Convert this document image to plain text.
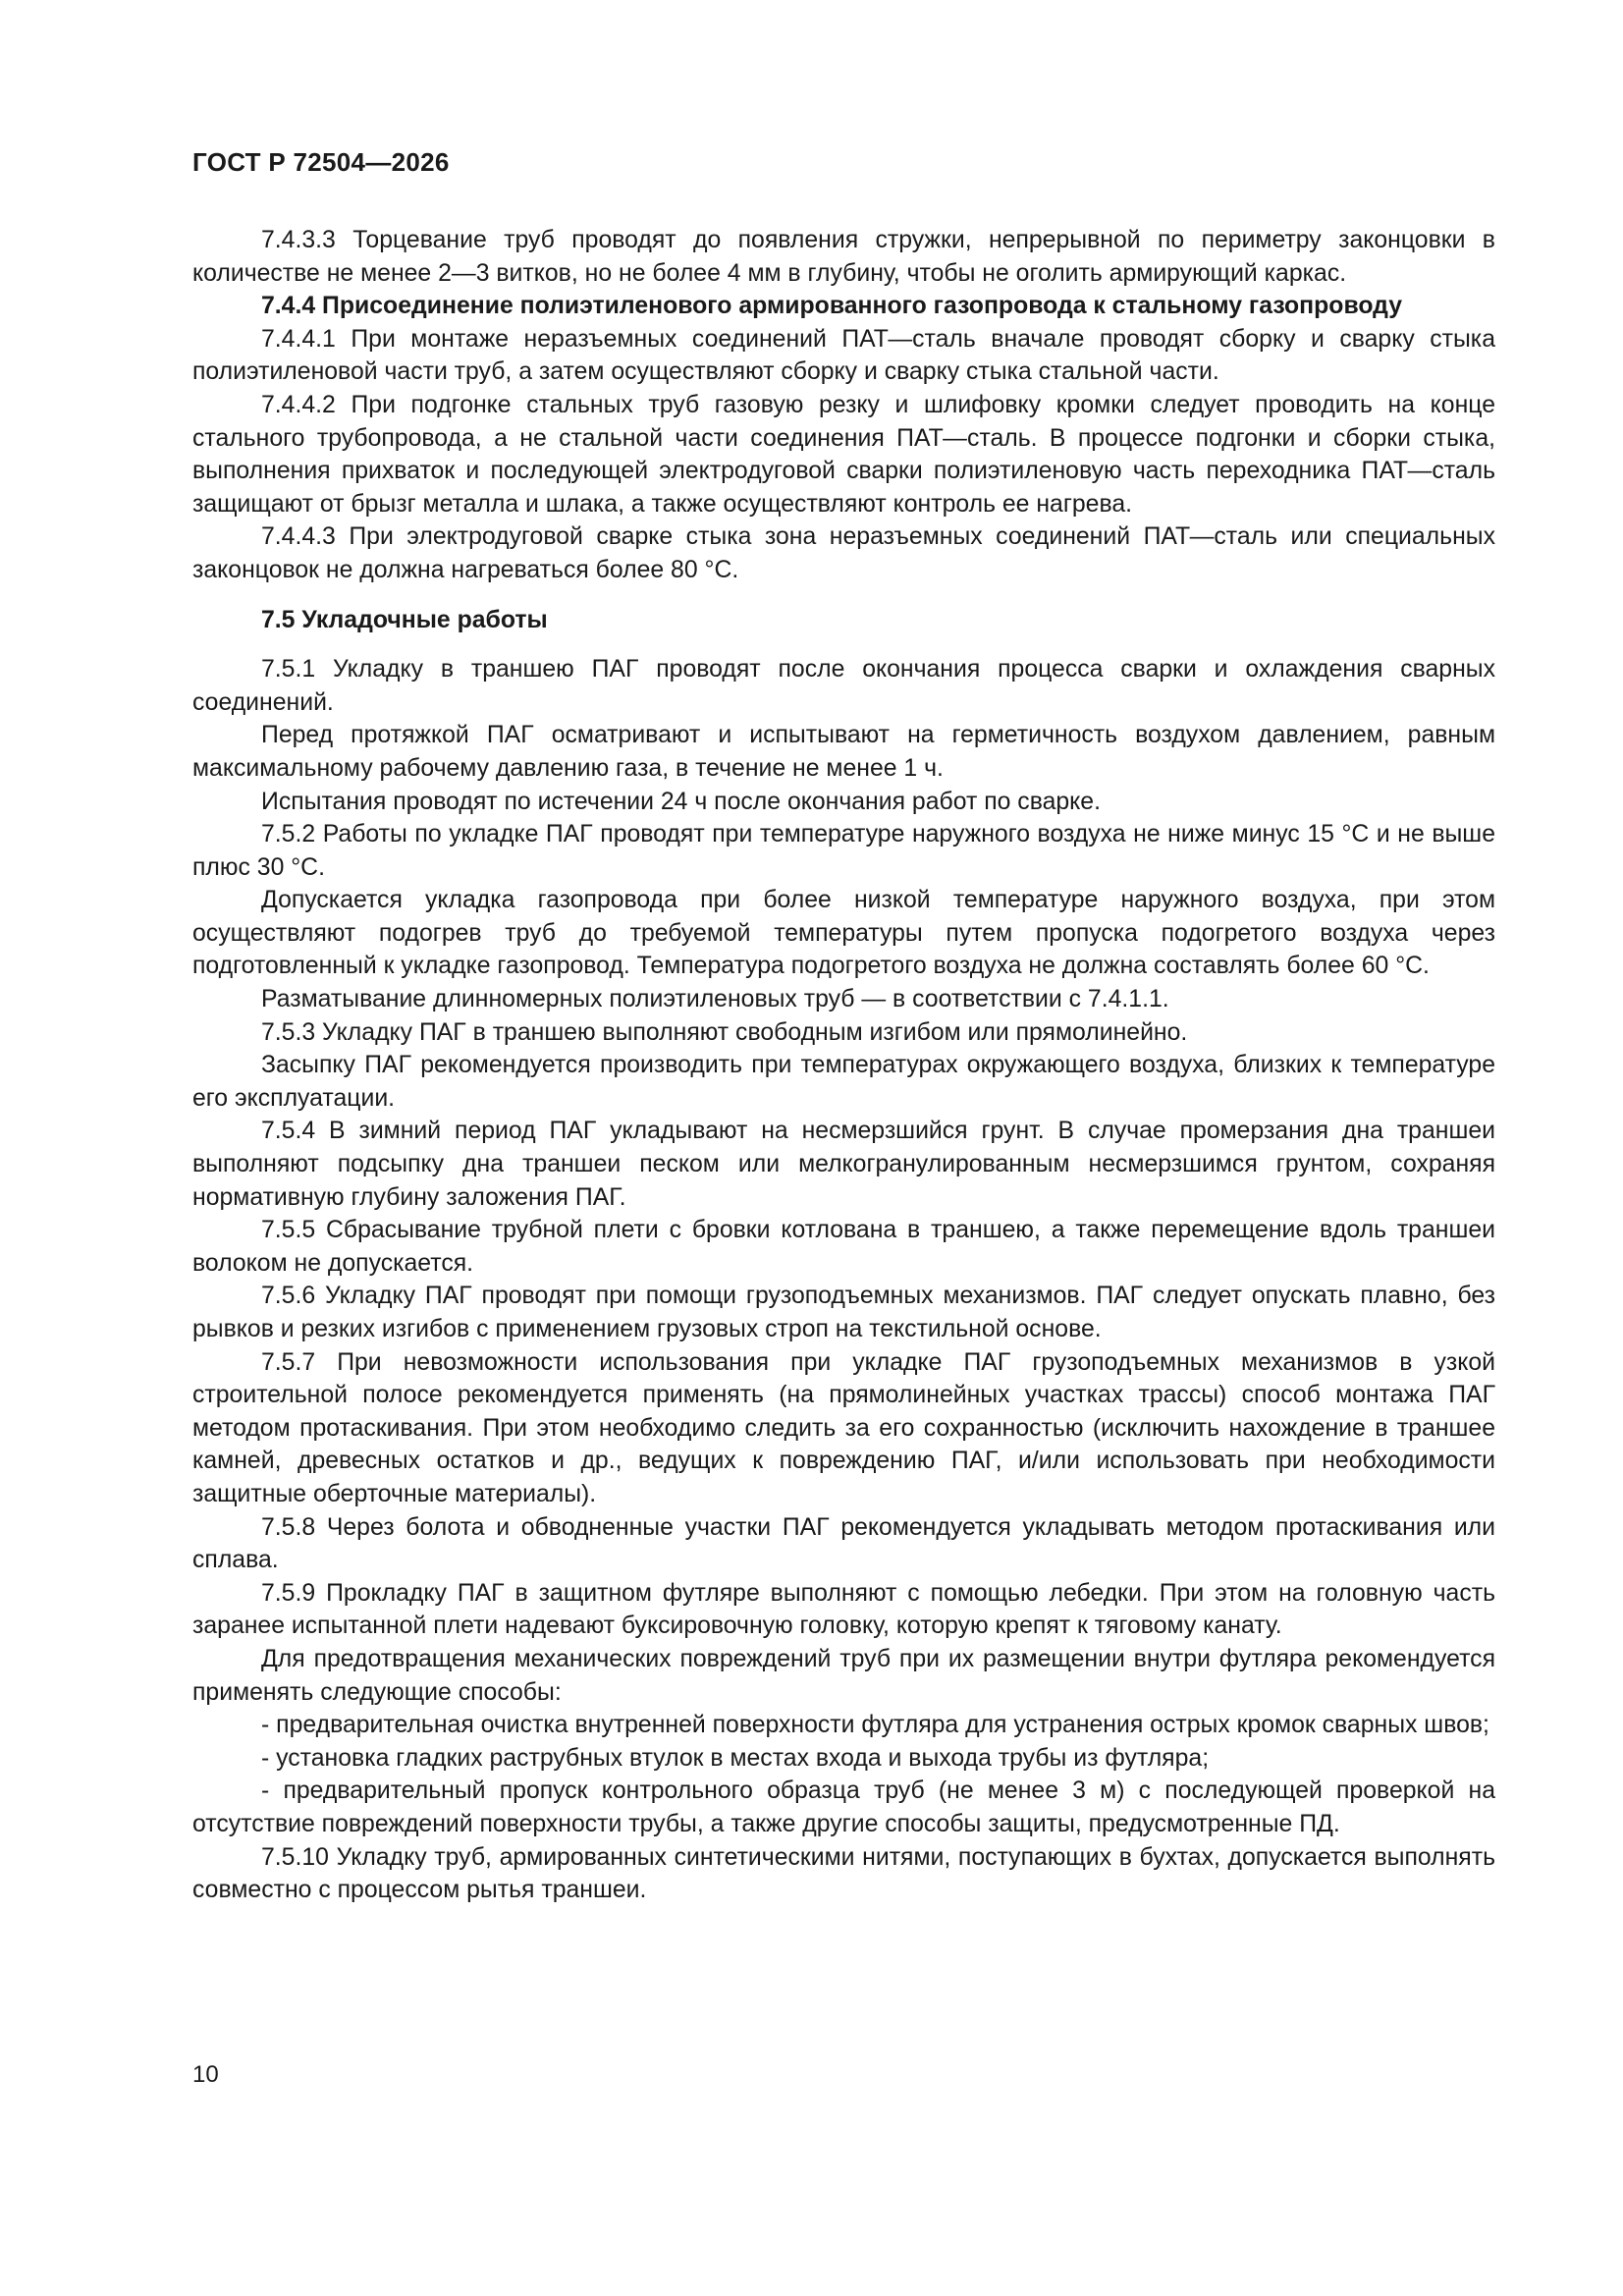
ГОСТ Р 72504—2026

7.4.3.3 Торцевание труб проводят до появления стружки, непрерывной по периметру законцовки в количестве не менее 2—3 витков, но не более 4 мм в глубину, чтобы не оголить армирующий каркас.

7.4.4 Присоединение полиэтиленового армированного газопровода к стальному газопроводу

7.4.4.1 При монтаже неразъемных соединений ПАТ—сталь вначале проводят сборку и сварку стыка полиэтиленовой части труб, а затем осуществляют сборку и сварку стыка стальной части.

7.4.4.2 При подгонке стальных труб газовую резку и шлифовку кромки следует проводить на конце стального трубопровода, а не стальной части соединения ПАТ—сталь. В процессе подгонки и сборки стыка, выполнения прихваток и последующей электродуговой сварки полиэтиленовую часть переходника ПАТ—сталь защищают от брызг металла и шлака, а также осуществляют контроль ее нагрева.

7.4.4.3 При электродуговой сварке стыка зона неразъемных соединений ПАТ—сталь или специальных законцовок не должна нагреваться более 80 °С.

7.5 Укладочные работы

7.5.1 Укладку в траншею ПАГ проводят после окончания процесса сварки и охлаждения сварных соединений.

Перед протяжкой ПАГ осматривают и испытывают на герметичность воздухом давлением, равным максимальному рабочему давлению газа, в течение не менее 1 ч.

Испытания проводят по истечении 24 ч после окончания работ по сварке.

7.5.2 Работы по укладке ПАГ проводят при температуре наружного воздуха не ниже минус 15 °С и не выше плюс 30 °С.

Допускается укладка газопровода при более низкой температуре наружного воздуха, при этом осуществляют подогрев труб до требуемой температуры путем пропуска подогретого воздуха через подготовленный к укладке газопровод. Температура подогретого воздуха не должна составлять более 60 °С.

Разматывание длинномерных полиэтиленовых труб — в соответствии с 7.4.1.1.

7.5.3 Укладку ПАГ в траншею выполняют свободным изгибом или прямолинейно.

Засыпку ПАГ рекомендуется производить при температурах окружающего воздуха, близких к температуре его эксплуатации.

7.5.4 В зимний период ПАГ укладывают на несмерзшийся грунт. В случае промерзания дна траншеи выполняют подсыпку дна траншеи песком или мелкогранулированным несмерзшимся грунтом, сохраняя нормативную глубину заложения ПАГ.

7.5.5 Сбрасывание трубной плети с бровки котлована в траншею, а также перемещение вдоль траншеи волоком не допускается.

7.5.6 Укладку ПАГ проводят при помощи грузоподъемных механизмов. ПАГ следует опускать плавно, без рывков и резких изгибов с применением грузовых строп на текстильной основе.

7.5.7 При невозможности использования при укладке ПАГ грузоподъемных механизмов в узкой строительной полосе рекомендуется применять (на прямолинейных участках трассы) способ монтажа ПАГ методом протаскивания. При этом необходимо следить за его сохранностью (исключить нахождение в траншее камней, древесных остатков и др., ведущих к повреждению ПАГ, и/или использовать при необходимости защитные оберточные материалы).

7.5.8 Через болота и обводненные участки ПАГ рекомендуется укладывать методом протаскивания или сплава.

7.5.9 Прокладку ПАГ в защитном футляре выполняют с помощью лебедки. При этом на головную часть заранее испытанной плети надевают буксировочную головку, которую крепят к тяговому канату.

Для предотвращения механических повреждений труб при их размещении внутри футляра рекомендуется применять следующие способы:

- предварительная очистка внутренней поверхности футляра для устранения острых кромок сварных швов;

- установка гладких раструбных втулок в местах входа и выхода трубы из футляра;

- предварительный пропуск контрольного образца труб (не менее 3 м) с последующей проверкой на отсутствие повреждений поверхности трубы, а также другие способы защиты, предусмотренные ПД.

7.5.10 Укладку труб, армированных синтетическими нитями, поступающих в бухтах, допускается выполнять совместно с процессом рытья траншеи.

10
